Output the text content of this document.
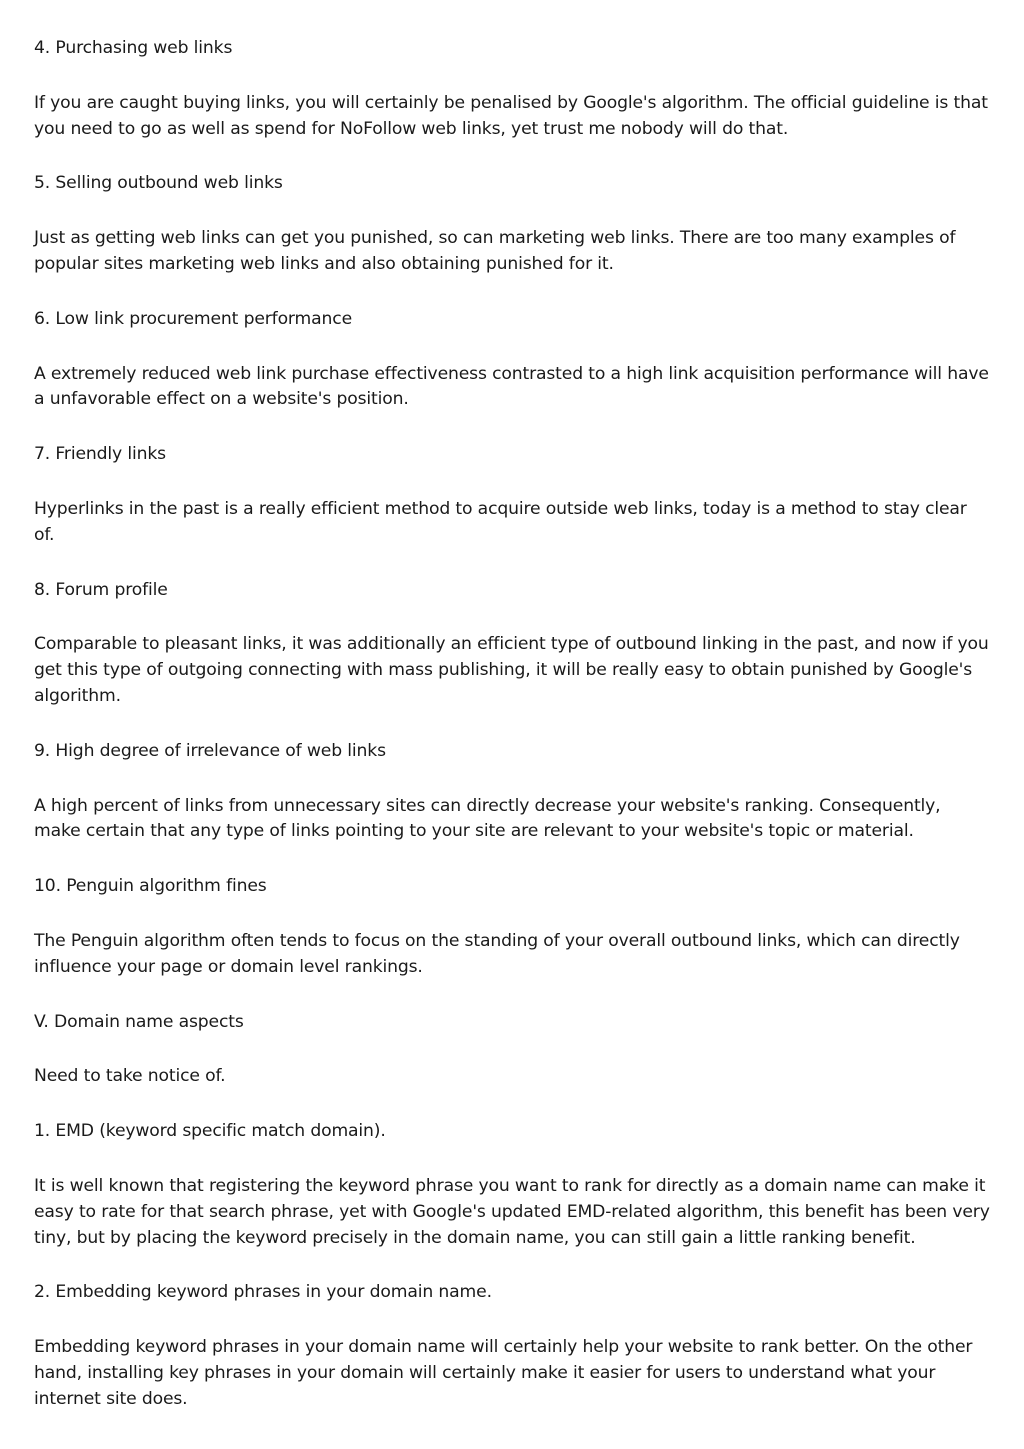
4. Purchasing web links

If you are caught buying links, you will certainly be penalised by Google's algorithm. The official guideline is that you need to go as well as spend for NoFollow web links, yet trust me nobody will do that.

5. Selling outbound web links

Just as getting web links can get you punished, so can marketing web links. There are too many examples of popular sites marketing web links and also obtaining punished for it.

6. Low link procurement performance

A extremely reduced web link purchase effectiveness contrasted to a high link acquisition performance will have a unfavorable effect on a website's position.

7. Friendly links

Hyperlinks in the past is a really efficient method to acquire outside web links, today is a method to stay clear of.

8. Forum profile

Comparable to pleasant links, it was additionally an efficient type of outbound linking in the past, and now if you get this type of outgoing connecting with mass publishing, it will be really easy to obtain punished by Google's algorithm.

9. High degree of irrelevance of web links

A high percent of links from unnecessary sites can directly decrease your website's ranking. Consequently, make certain that any type of links pointing to your site are relevant to your website's topic or material.

10. Penguin algorithm fines

The Penguin algorithm often tends to focus on the standing of your overall outbound links, which can directly influence your page or domain level rankings.

V. Domain name aspects

Need to take notice of.

1. EMD (keyword specific match domain).

It is well known that registering the keyword phrase you want to rank for directly as a domain name can make it easy to rate for that search phrase, yet with Google's updated EMD-related algorithm, this benefit has been very tiny, but by placing the keyword precisely in the domain name, you can still gain a little ranking benefit.

2. Embedding keyword phrases in your domain name.

Embedding keyword phrases in your domain name will certainly help your website to rank better. On the other hand, installing key phrases in your domain will certainly make it easier for users to understand what your internet site does.
